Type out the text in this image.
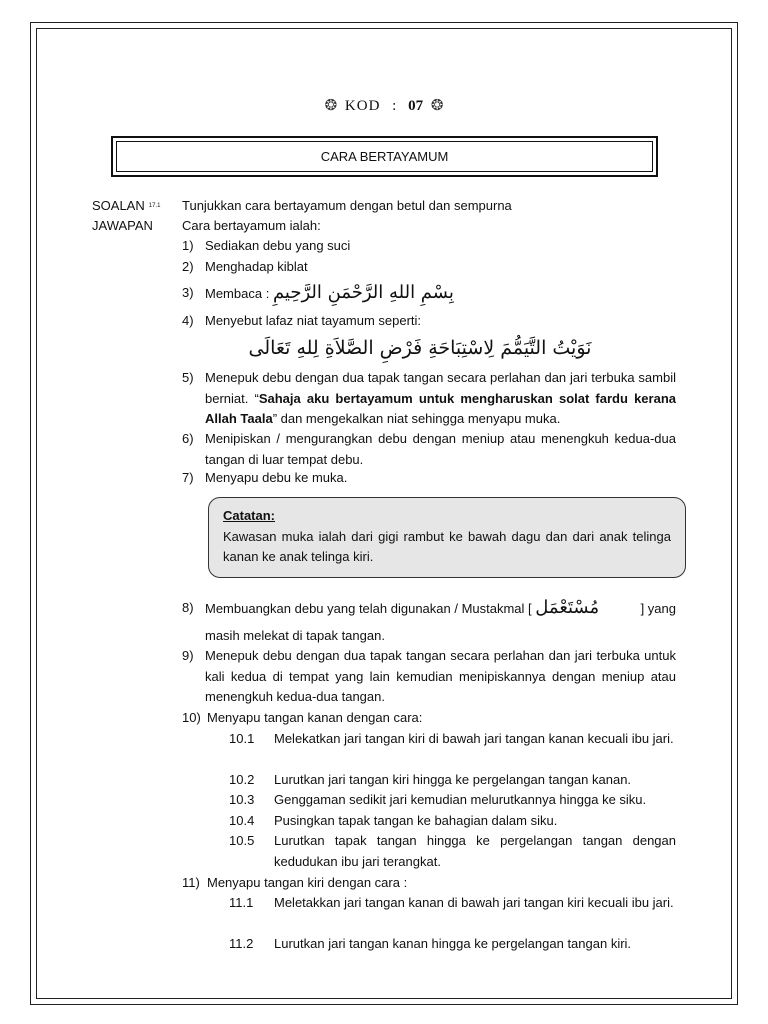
❂ KOD : 07 ❂
CARA BERTAYAMUM
SOALAN 17.1 Tunjukkan cara bertayamum dengan betul dan sempurna
JAWAPAN Cara bertayamum ialah:
1) Sediakan debu yang suci
2) Menghadap kiblat
3) Membaca : بِسْمِ اللهِ الرَّحْمَنِ الرَّحِيمِ
4) Menyebut lafaz niat tayamum seperti:
نَوَيْتُ التَّيَمُّمَ لِاسْتِبَاحَةِ فَرْضِ الصَّلاَةِ لِلهِ تَعَالَى
5) Menepuk debu dengan dua tapak tangan secara perlahan dan jari terbuka sambil berniat. “Sahaja aku bertayamum untuk mengharuskan solat fardu kerana Allah Taala” dan mengekalkan niat sehingga menyapu muka.
6) Menipiskan / mengurangkan debu dengan meniup atau menengkuh kedua-dua tangan di luar tempat debu.
7) Menyapu debu ke muka.
Catatan:
Kawasan muka ialah dari gigi rambut ke bawah dagu dan dari anak telinga kanan ke anak telinga kiri.
8) Membuangkan debu yang telah digunakan / Mustakmal [ مُسْتَعْمَل	] yang
masih melekat di tapak tangan.
9) Menepuk debu dengan dua tapak tangan secara perlahan dan jari terbuka untuk kali kedua di tempat yang lain kemudian menipiskannya dengan meniup atau menengkuh kedua-dua tangan.
10) Menyapu tangan kanan dengan cara:
10.1 Melekatkan jari tangan kiri di bawah jari tangan kanan kecuali ibu jari.
10.2 Lurutkan jari tangan kiri hingga ke pergelangan tangan kanan.
10.3 Genggaman sedikit jari kemudian melurutkannya hingga ke siku.
10.4 Pusingkan tapak tangan ke bahagian dalam siku.
10.5 Lurutkan tapak tangan hingga ke pergelangan tangan dengan kedudukan ibu jari terangkat.
11) Menyapu tangan kiri dengan cara :
11.1 Meletakkan jari tangan kanan di bawah jari tangan kiri kecuali ibu jari.
11.2 Lurutkan jari tangan kanan hingga ke pergelangan tangan kiri.
